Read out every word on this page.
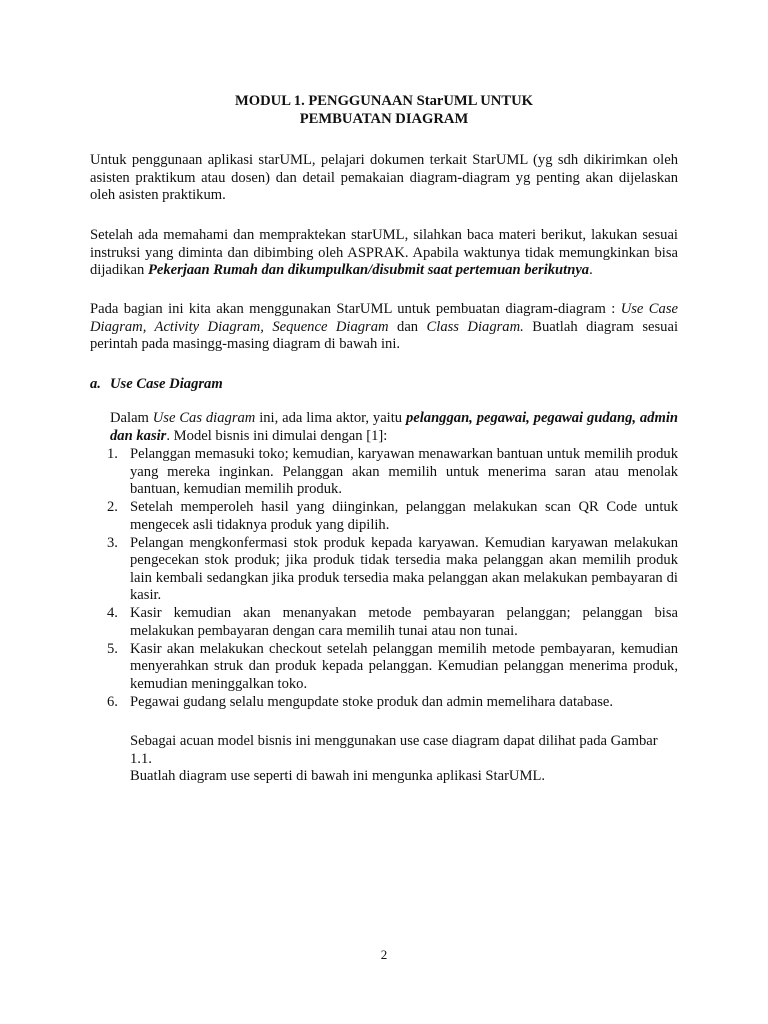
MODUL 1. PENGGUNAAN StarUML UNTUK
PEMBUATAN DIAGRAM

Untuk penggunaan aplikasi starUML, pelajari dokumen terkait StarUML (yg sdh dikirimkan oleh asisten praktikum atau dosen) dan detail pemakaian diagram-diagram yg penting akan dijelaskan oleh asisten praktikum.

Setelah ada memahami dan mempraktekan starUML, silahkan baca materi berikut, lakukan sesuai instruksi yang diminta dan dibimbing oleh ASPRAK. Apabila waktunya tidak memungkinkan bisa dijadikan Pekerjaan Rumah dan dikumpulkan/disubmit saat pertemuan berikutnya.

Pada bagian ini kita akan menggunakan StarUML untuk pembuatan diagram-diagram : Use Case Diagram, Activity Diagram, Sequence Diagram dan Class Diagram. Buatlah diagram sesuai perintah pada masingg-masing diagram di bawah ini.

a. Use Case Diagram

Dalam Use Cas diagram ini, ada lima aktor, yaitu pelanggan, pegawai, pegawai gudang, admin dan kasir. Model bisnis ini dimulai dengan [1]:

1. Pelanggan memasuki toko; kemudian, karyawan menawarkan bantuan untuk memilih produk yang mereka inginkan. Pelanggan akan memilih untuk menerima saran atau menolak bantuan, kemudian memilih produk.
2. Setelah memperoleh hasil yang diinginkan, pelanggan melakukan scan QR Code untuk mengecek asli tidaknya produk yang dipilih.
3. Pelangan mengkonfermasi stok produk kepada karyawan. Kemudian karyawan melakukan pengecekan stok produk; jika produk tidak tersedia maka pelanggan akan memilih produk lain kembali sedangkan jika produk tersedia maka pelanggan akan melakukan pembayaran di kasir.
4. Kasir kemudian akan menanyakan metode pembayaran pelanggan; pelanggan bisa melakukan pembayaran dengan cara memilih tunai atau non tunai.
5. Kasir akan melakukan checkout setelah pelanggan memilih metode pembayaran, kemudian menyerahkan struk dan produk kepada pelanggan. Kemudian pelanggan menerima produk, kemudian meninggalkan toko.
6. Pegawai gudang selalu mengupdate stoke produk dan admin memelihara database.

Sebagai acuan model bisnis ini menggunakan use case diagram dapat dilihat pada Gambar 1.1.

Buatlah diagram use seperti di bawah ini mengunka aplikasi StarUML.

2
